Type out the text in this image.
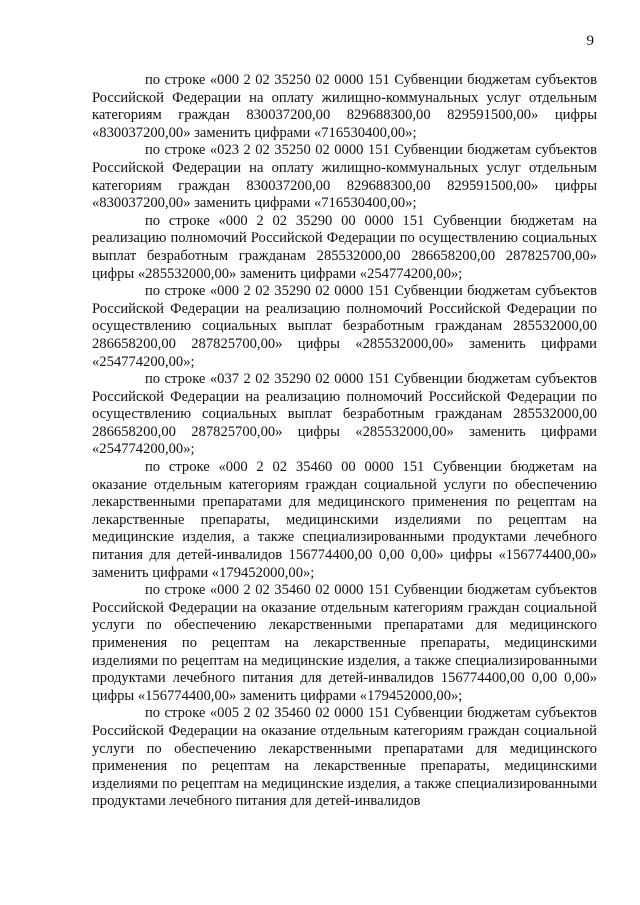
9

по строке «000 2 02 35250 02 0000 151 Субвенции бюджетам субъектов Российской Федерации на оплату жилищно-коммунальных услуг отдельным категориям граждан 830037200,00 829688300,00 829591500,00» цифры «830037200,00» заменить цифрами «716530400,00»;

по строке «023 2 02 35250 02 0000 151 Субвенции бюджетам субъектов Российской Федерации на оплату жилищно-коммунальных услуг отдельным категориям граждан 830037200,00 829688300,00 829591500,00» цифры «830037200,00» заменить цифрами «716530400,00»;

по строке «000 2 02 35290 00 0000 151 Субвенции бюджетам на реализацию полномочий Российской Федерации по осуществлению социальных выплат безработным гражданам 285532000,00 286658200,00 287825700,00» цифры «285532000,00» заменить цифрами «254774200,00»;

по строке «000 2 02 35290 02 0000 151 Субвенции бюджетам субъектов Российской Федерации на реализацию полномочий Российской Федерации по осуществлению социальных выплат безработным гражданам 285532000,00 286658200,00 287825700,00» цифры «285532000,00» заменить цифрами «254774200,00»;

по строке «037 2 02 35290 02 0000 151 Субвенции бюджетам субъектов Российской Федерации на реализацию полномочий Российской Федерации по осуществлению социальных выплат безработным гражданам 285532000,00 286658200,00 287825700,00» цифры «285532000,00» заменить цифрами «254774200,00»;

по строке «000 2 02 35460 00 0000 151 Субвенции бюджетам на оказание отдельным категориям граждан социальной услуги по обеспечению лекарственными препаратами для медицинского применения по рецептам на лекарственные препараты, медицинскими изделиями по рецептам на медицинские изделия, а также специализированными продуктами лечебного питания для детей-инвалидов 156774400,00 0,00 0,00» цифры «156774400,00» заменить цифрами «179452000,00»;

по строке «000 2 02 35460 02 0000 151 Субвенции бюджетам субъектов Российской Федерации на оказание отдельным категориям граждан социальной услуги по обеспечению лекарственными препаратами для медицинского применения по рецептам на лекарственные препараты, медицинскими изделиями по рецептам на медицинские изделия, а также специализированными продуктами лечебного питания для детей-инвалидов 156774400,00 0,00 0,00» цифры «156774400,00» заменить цифрами «179452000,00»;

по строке «005 2 02 35460 02 0000 151 Субвенции бюджетам субъектов Российской Федерации на оказание отдельным категориям граждан социальной услуги по обеспечению лекарственными препаратами для медицинского применения по рецептам на лекарственные препараты, медицинскими изделиями по рецептам на медицинские изделия, а также специализированными продуктами лечебного питания для детей-инвалидов
